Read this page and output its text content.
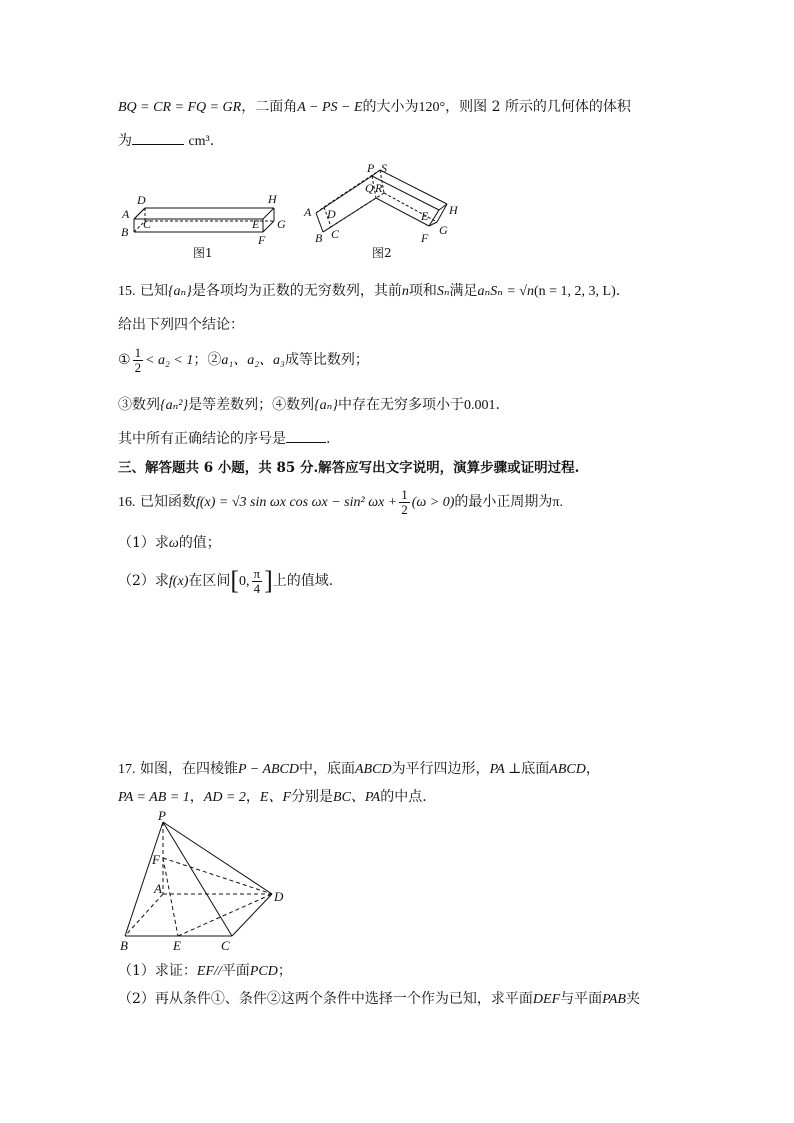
BQ = CR = FQ = GR，二面角A − PS − E的大小为120°，则图 2 所示的几何体的体积
为	cm³.
D	H
A
C	E G
B
F
图1
P S
Q R
A D	E H
B C	F
G
图2
15. 已知{aₙ}是各项均为正数的无穷数列，其前n项和Sₙ满足aₙSₙ = √n(n = 1, 2, 3, L).
给出下列四个结论：
① $\frac{1}{2} < a_2 < 1$；②a₁、a₂、a₃成等比数列；
③数列{aₙ²}是等差数列；④数列{aₙ}中存在无穷多项小于0.001.
其中所有正确结论的序号是	.
三、解答题共 6 小题，共 85 分.解答应写出文字说明，演算步骤或证明过程.
16. 已知函数f(x) = √3 sin ωx cos ωx − sin² $\omega x + \frac{1}{2} (\omega > 0)$的最小正周期为π.
（1）求ω的值；
（2）求f(x)在区间[0, $\frac{\pi}{4}$ ]上的值域.
17. 如图，在四棱锥P − ABCD中，底面ABCD为平行四边形，PA ⊥底面ABCD，
PA = AB = 1，AD = 2，E、F分别是BC、PA的中点.
P
F
A
D
B	E	C
（1）求证：EF//平面PCD；
（2）再从条件①、条件②这两个条件中选择一个作为已知，求平面DEF与平面PAB夹
